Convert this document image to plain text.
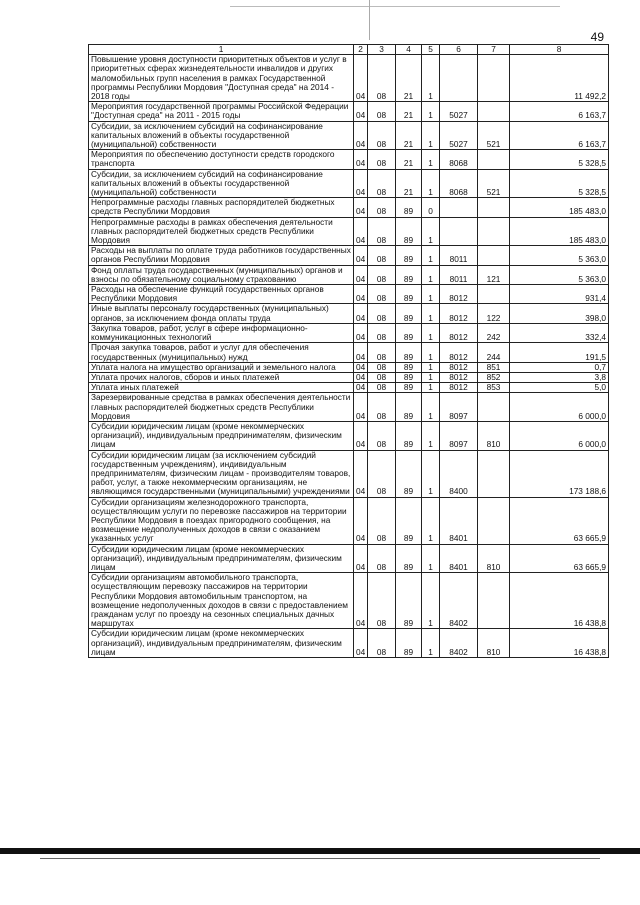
49
1	2	3	4	5	6	7	8
Повышение уровня доступности приоритетных объектов и услуг в приоритетных сферах жизнедеятельности инвалидов и других маломобильных групп населения в рамках Государственной программы Республики Мордовия "Доступная среда" на 2014 - 2018 годы	04	08	21	1			11 492,2
Мероприятия государственной программы Российской Федерации "Доступная среда" на 2011 - 2015 годы	04	08	21	1	5027		6 163,7
Субсидии, за исключением субсидий на софинансирование капитальных вложений в объекты государственной (муниципальной) собственности	04	08	21	1	5027	521	6 163,7
Мероприятия по обеспечению доступности средств городского транспорта	04	08	21	1	8068		5 328,5
Субсидии, за исключением субсидий на софинансирование капитальных вложений в объекты государственной (муниципальной) собственности	04	08	21	1	8068	521	5 328,5
Непрограммные расходы главных распорядителей бюджетных средств Республики Мордовия	04	08	89	0			185 483,0
Непрограммные расходы в рамках обеспечения деятельности главных распорядителей бюджетных средств Республики Мордовия	04	08	89	1			185 483,0
Расходы на выплаты по оплате труда работников государственных органов Республики Мордовия	04	08	89	1	8011		5 363,0
Фонд оплаты труда государственных (муниципальных) органов и взносы по обязательному социальному страхованию	04	08	89	1	8011	121	5 363,0
Расходы на обеспечение функций государственных органов Республики Мордовия	04	08	89	1	8012		931,4
Иные выплаты персоналу государственных (муниципальных) органов, за исключением фонда оплаты труда	04	08	89	1	8012	122	398,0
Закупка товаров, работ, услуг в сфере информационно-коммуникационных технологий	04	08	89	1	8012	242	332,4
Прочая закупка товаров, работ и услуг для обеспечения государственных (муниципальных) нужд	04	08	89	1	8012	244	191,5
Уплата налога на имущество организаций и земельного налога	04	08	89	1	8012	851	0,7
Уплата прочих налогов, сборов и иных платежей	04	08	89	1	8012	852	3,8
Уплата иных платежей	04	08	89	1	8012	853	5,0
Зарезервированные средства в рамках обеспечения деятельности главных распорядителей бюджетных средств Республики Мордовия	04	08	89	1	8097		6 000,0
Субсидии юридическим лицам (кроме некоммерческих организаций), индивидуальным предпринимателям, физическим лицам	04	08	89	1	8097	810	6 000,0
Субсидии юридическим лицам (за исключением субсидий государственным учреждениям), индивидуальным предпринимателям, физическим лицам - производителям товаров, работ, услуг, а также некоммерческим организациям, не являющимся государственными (муниципальными) учреждениями	04	08	89	1	8400		173 188,6
Субсидии организациям железнодорожного транспорта, осуществляющим услуги по перевозке пассажиров на территории Республики Мордовия в поездах пригородного сообщения, на возмещение недополученных доходов в связи с оказанием указанных услуг	04	08	89	1	8401		63 665,9
Субсидии юридическим лицам (кроме некоммерческих организаций), индивидуальным предпринимателям, физическим лицам	04	08	89	1	8401	810	63 665,9
Субсидии организациям автомобильного транспорта, осуществляющим перевозку пассажиров на территории Республики Мордовия автомобильным транспортом, на возмещение недополученных доходов в связи с предоставлением гражданам услуг по проезду на сезонных специальных дачных маршрутах	04	08	89	1	8402		16 438,8
Субсидии юридическим лицам (кроме некоммерческих организаций), индивидуальным предпринимателям, физическим лицам	04	08	89	1	8402	810	16 438,8
